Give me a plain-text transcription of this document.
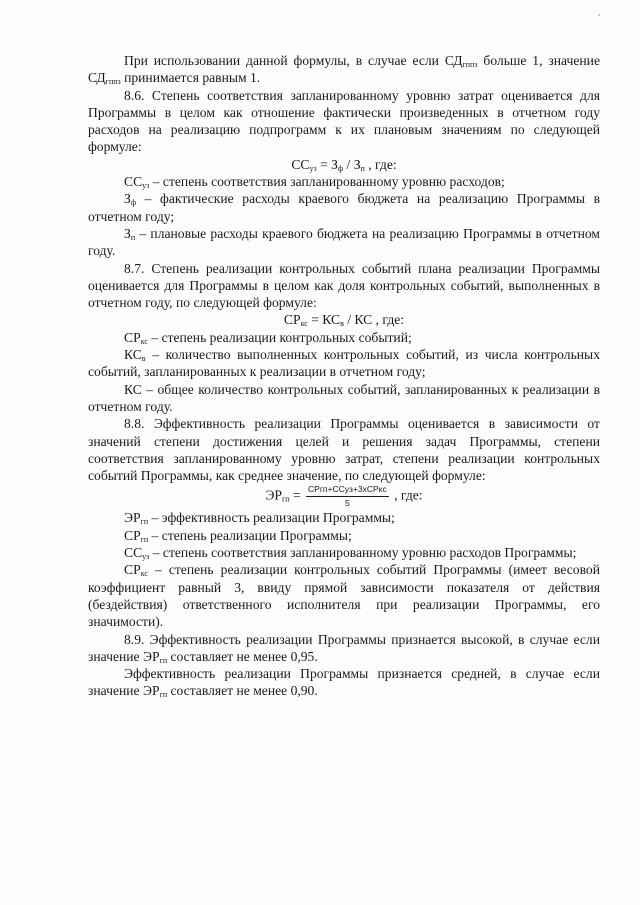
При использовании данной формулы, в случае если $СД_{гппз}$ больше 1, значение $СД_{гппз}$ принимается равным 1.

8.6. Степень соответствия запланированному уровню затрат оценивается для Программы в целом как отношение фактически произведенных в отчетном году расходов на реализацию подпрограмм к их плановым значениям по следующей формуле:

$СС_{уз} = З_ф / З_п$ , где:

$СС_{уз}$ – степень соответствия запланированному уровню расходов;

$З_ф$ – фактические расходы краевого бюджета на реализацию Программы в отчетном году;

$З_п$ – плановые расходы краевого бюджета на реализацию Программы в отчетном году.

8.7. Степень реализации контрольных событий плана реализации Программы оценивается для Программы в целом как доля контрольных событий, выполненных в отчетном году, по следующей формуле:

$СР_{кс} = КС_в$ / КС , где:

$СР_{кс}$ – степень реализации контрольных событий;

$КС_в$ – количество выполненных контрольных событий, из числа контрольных событий, запланированных к реализации в отчетном году;

КС – общее количество контрольных событий, запланированных к реализации в отчетном году.

8.8. Эффективность реализации Программы оценивается в зависимости от значений степени достижения целей и решения задач Программы, степени соответствия запланированному уровню затрат, степени реализации контрольных событий Программы, как среднее значение, по следующей формуле:

$ЭР_{гп} = \frac{\text{СРгп+ССуз+3хСРкс}}{5}$ , где:

$ЭР_{гп}$ – эффективность реализации Программы;

$СР_{гп}$ – степень реализации Программы;

$СС_{уз}$ – степень соответствия запланированному уровню расходов Программы;

$СР_{кс}$ – степень реализации контрольных событий Программы (имеет весовой коэффициент равный 3, ввиду прямой зависимости показателя от действия (бездействия) ответственного исполнителя при реализации Программы, его значимости).

8.9. Эффективность реализации Программы признается высокой, в случае если значение $ЭР_{гп}$ составляет не менее 0,95.

Эффективность реализации Программы признается средней, в случае если значение $ЭР_{гп}$ составляет не менее 0,90.
